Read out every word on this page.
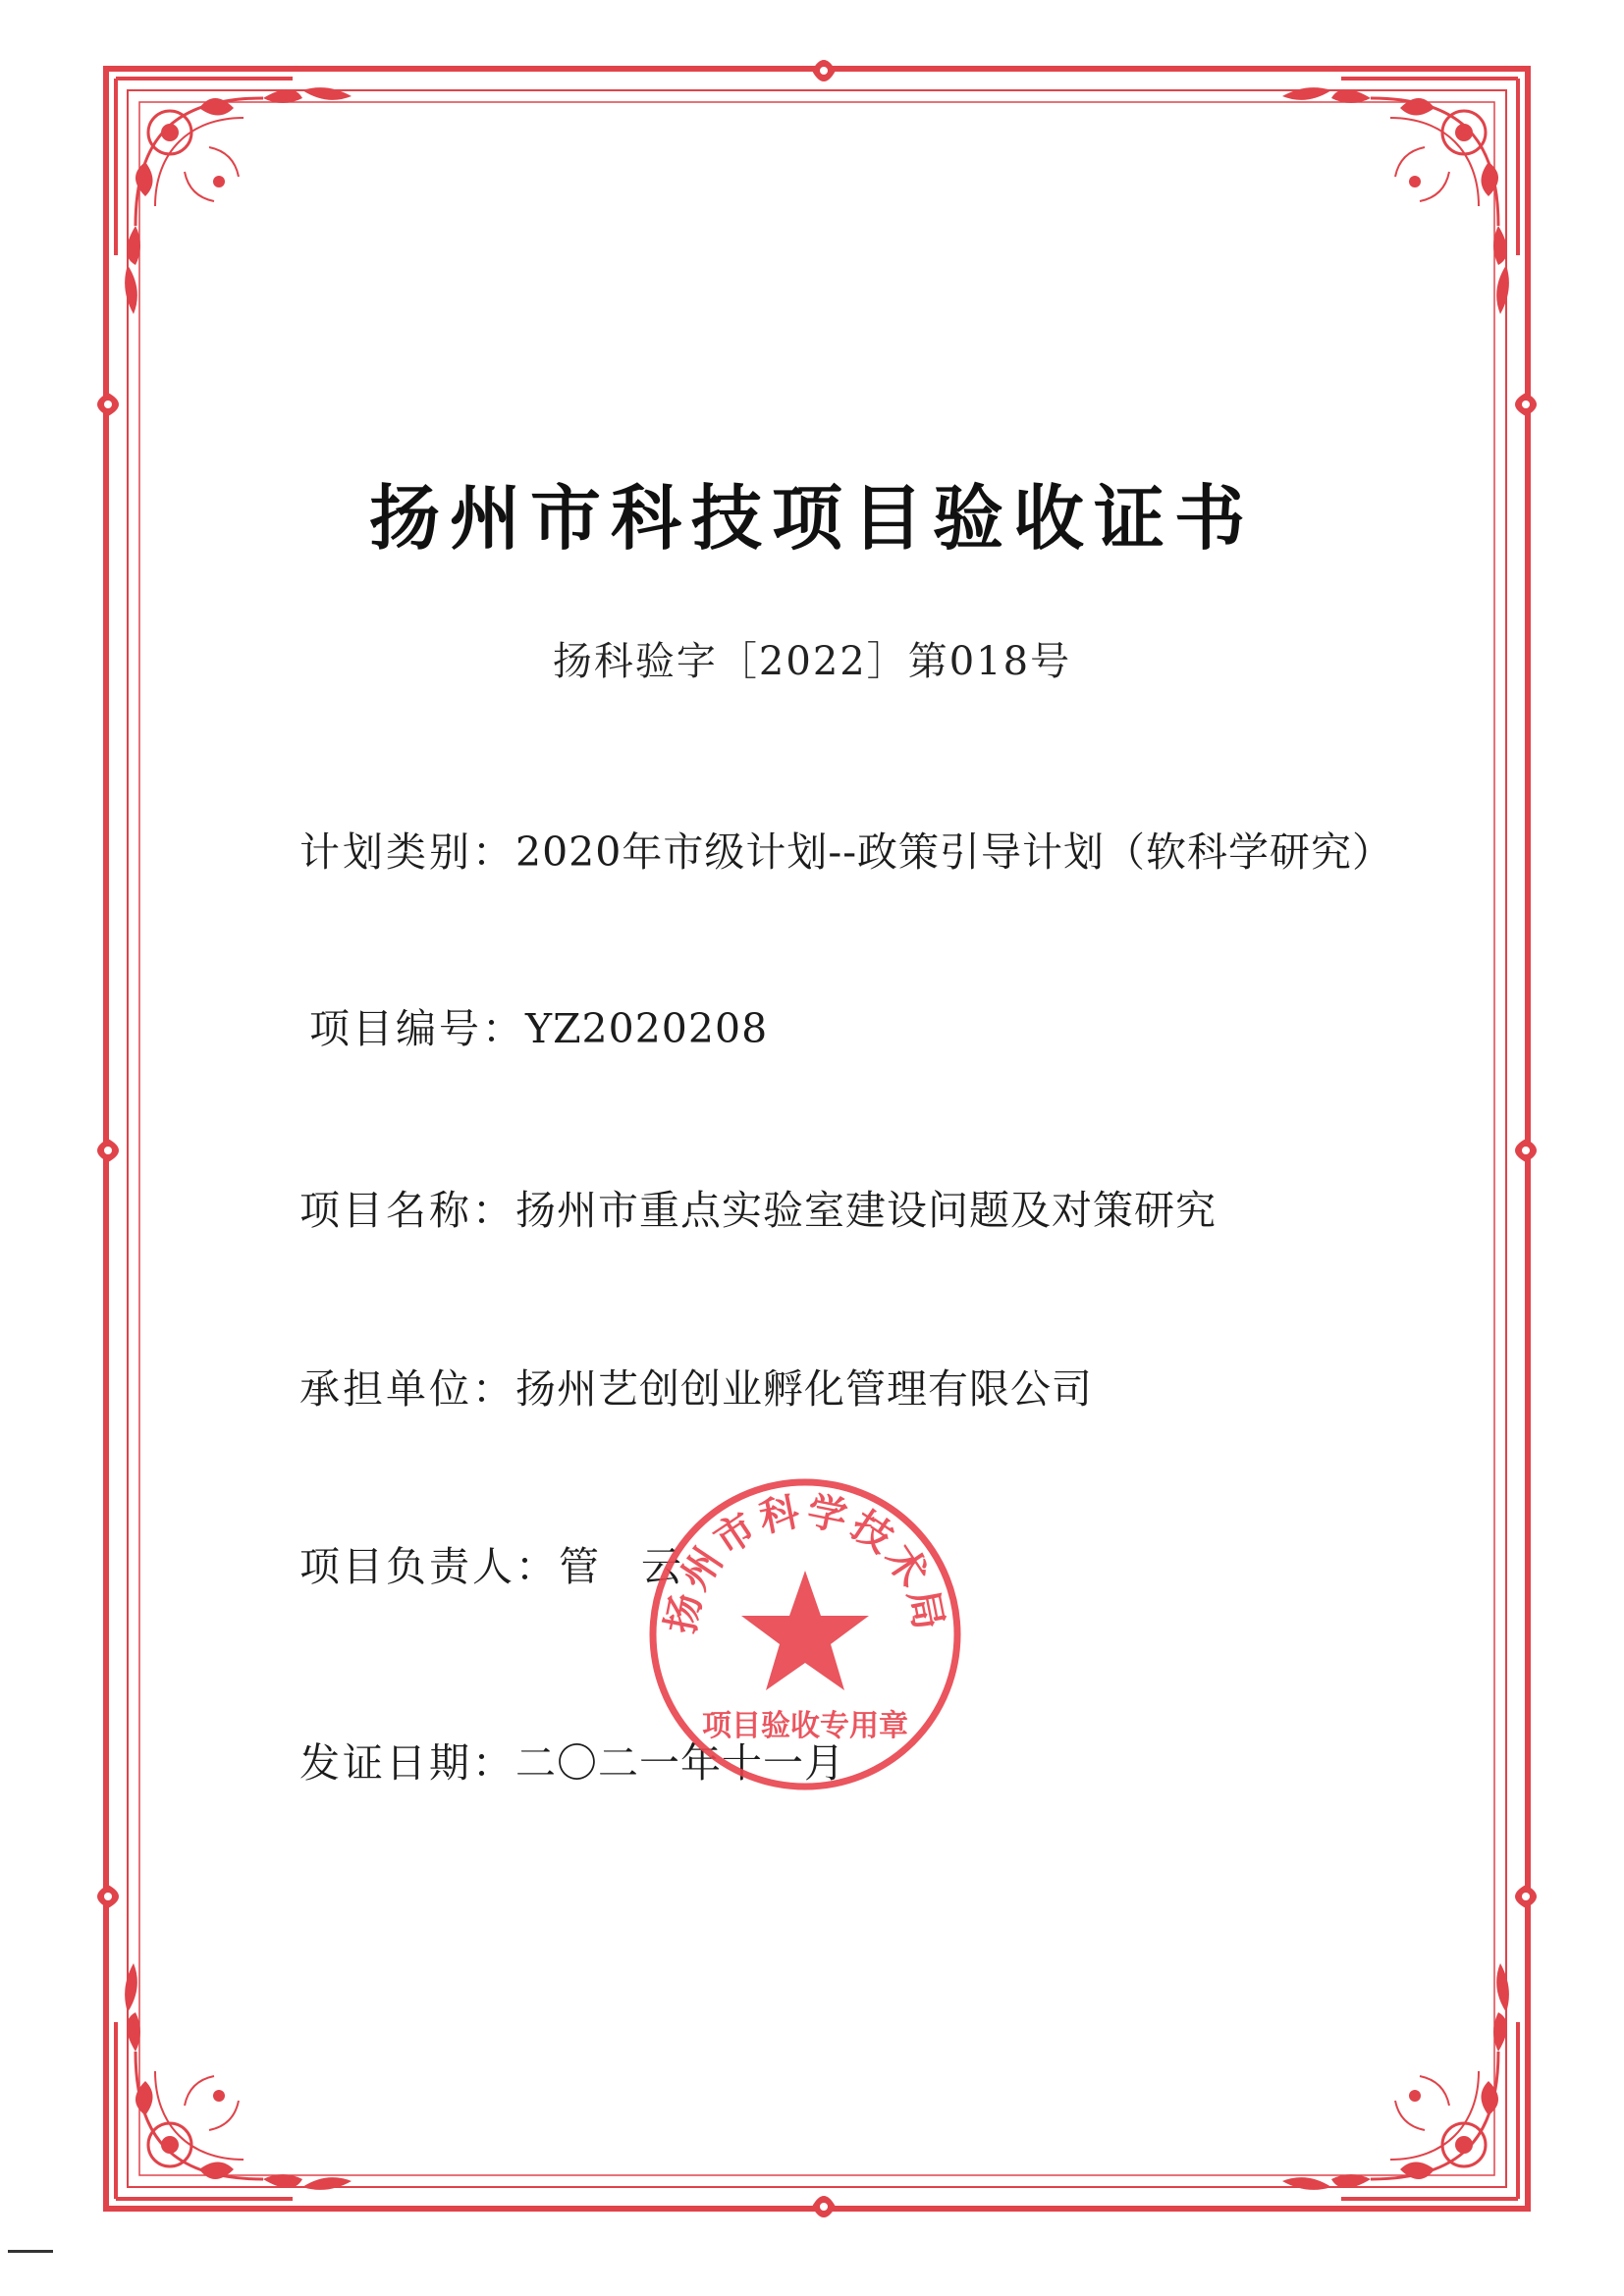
扬州市科技项目验收证书
扬科验字［2022］第018号
计划类别：2020年市级计划--政策引导计划（软科学研究）
项目编号：YZ2020208
项目名称：扬州市重点实验室建设问题及对策研究
承担单位：扬州艺创创业孵化管理有限公司
项目负责人：管　云
发证日期：二〇二一年十一月
扬州市科学技术局
项目验收专用章
